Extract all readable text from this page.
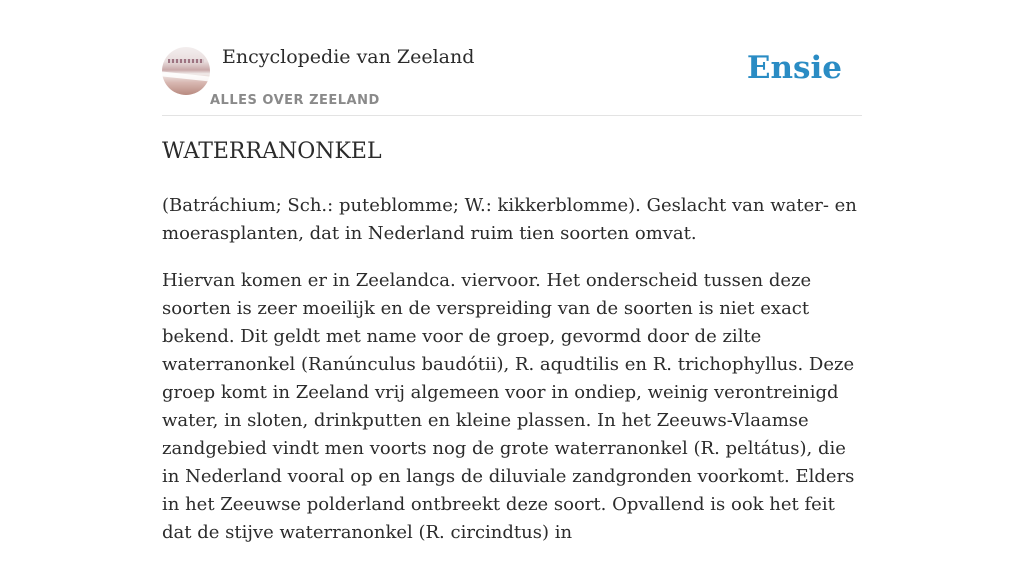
Encyclopedie van Zeeland
ALLES OVER ZEELAND
Ensie
WATERRANONKEL

(Batráchium; Sch.: puteblomme; W.: kikkerblomme). Geslacht van water- en moerasplanten, dat in Nederland ruim tien soorten omvat.

Hiervan komen er in Zeelandca. viervoor. Het onderscheid tussen deze soorten is zeer moeilijk en de verspreiding van de soorten is niet exact bekend. Dit geldt met name voor de groep, gevormd door de zilte waterranonkel (Ranúnculus baudótii), R. aqudtilis en R. trichophyllus. Deze groep komt in Zeeland vrij algemeen voor in ondiep, weinig verontreinigd water, in sloten, drinkputten en kleine plassen. In het Zeeuws-Vlaamse zandgebied vindt men voorts nog de grote waterranonkel (R. peltátus), die in Nederland vooral op en langs de diluviale zandgronden voorkomt. Elders in het Zeeuwse polderland ontbreekt deze soort. Opvallend is ook het feit dat de stijve waterranonkel (R. circindtus) in
